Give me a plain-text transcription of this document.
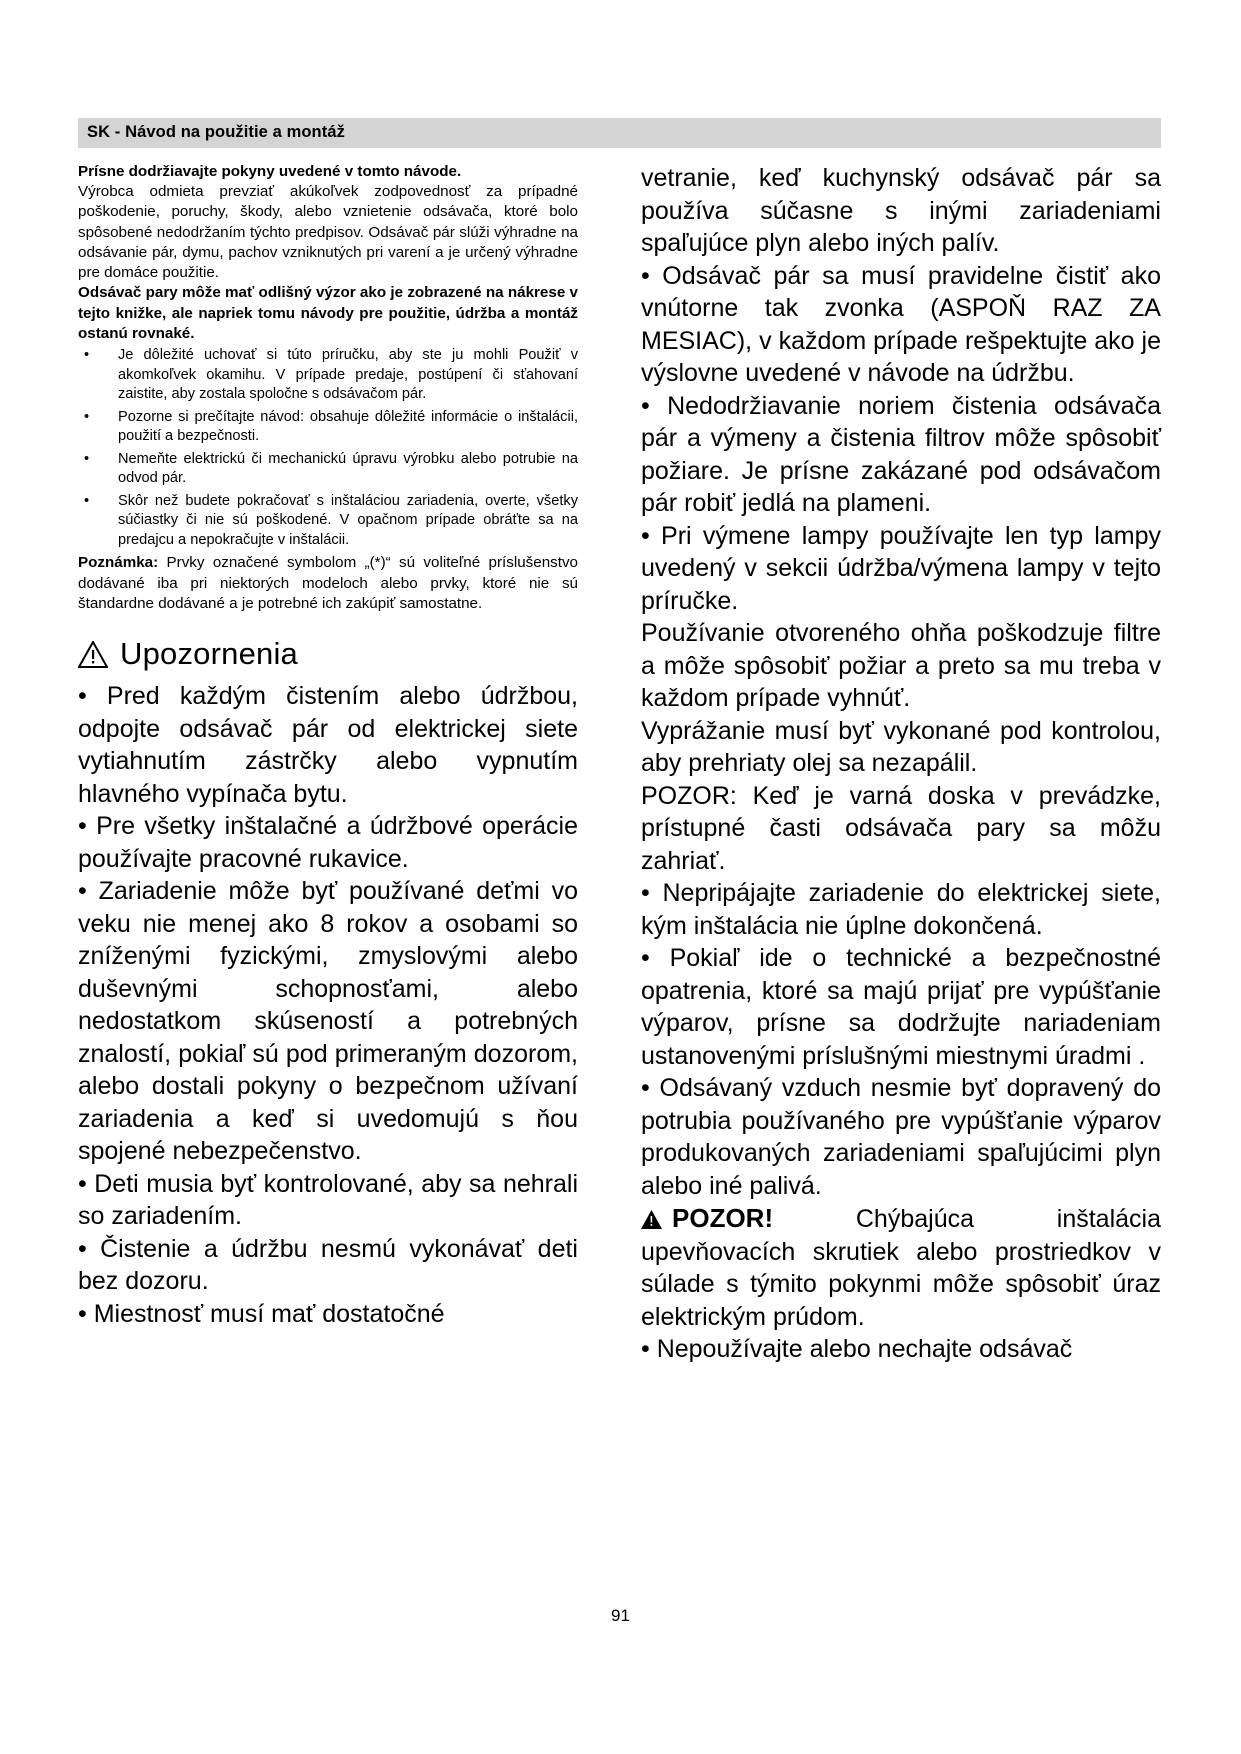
SK - Návod na použitie a montáž

Prísne dodržiavajte pokyny uvedené v tomto návode.

Výrobca odmieta prevziať akúkoľvek zodpovednosť za prípadné poškodenie, poruchy, škody, alebo vznietenie odsávača, ktoré bolo spôsobené nedodržaním týchto predpisov. Odsávač pár slúži výhradne na odsávanie pár, dymu, pachov vzniknutých pri varení a je určený výhradne pre domáce použitie.

Odsávač pary môže mať odlišný výzor ako je zobrazené na nákrese v tejto knižke, ale napriek tomu návody pre použitie, údržba a montáž ostanú rovnaké.

• Je dôležité uchovať si túto príručku, aby ste ju mohli Použiť v akomkoľvek okamihu. V prípade predaje, postúpení či sťahovaní zaistite, aby zostala spoločne s odsávačom pár.
• Pozorne si prečítajte návod: obsahuje dôležité informácie o inštalácii, použití a bezpečnosti.
• Nemeňte elektrickú či mechanickú úpravu výrobku alebo potrubie na odvod pár.
• Skôr než budete pokračovať s inštaláciou zariadenia, overte, všetky súčiastky či nie sú poškodené. V opačnom prípade obráťte sa na predajcu a nepokračujte v inštalácii.

Poznámka: Prvky označené symbolom „(*)“ sú voliteľné príslušenstvo dodávané iba pri niektorých modeloch alebo prvky, ktoré nie sú štandardne dodávané a je potrebné ich zakúpiť samostatne.

Upozornenia

• Pred každým čistením alebo údržbou, odpojte odsávač pár od elektrickej siete vytiahnutím zástrčky alebo vypnutím hlavného vypínača bytu.

• Pre všetky inštalačné a údržbové operácie používajte pracovné rukavice.

• Zariadenie môže byť používané deťmi vo veku nie menej ako 8 rokov a osobami so zníženými fyzickými, zmyslovými alebo duševnými schopnosťami, alebo nedostatkom skúseností a potrebných znalostí, pokiaľ sú pod primeraným dozorom, alebo dostali pokyny o bezpečnom užívaní zariadenia a keď si uvedomujú s ňou spojené nebezpečenstvo.

• Deti musia byť kontrolované, aby sa nehrali so zariadením.

• Čistenie a údržbu nesmú vykonávať deti bez dozoru.

• Miestnosť musí mať dostatočné

vetranie, keď kuchynský odsávač pár sa používa súčasne s inými zariadeniami spaľujúce plyn alebo iných palív.

• Odsávač pár sa musí pravidelne čistiť ako vnútorne tak zvonka (ASPOŇ RAZ ZA MESIAC), v každom prípade rešpektujte ako je výslovne uvedené v návode na údržbu.

• Nedodržiavanie noriem čistenia odsávača pár a výmeny a čistenia filtrov môže spôsobiť požiare. Je prísne zakázané pod odsávačom pár robiť jedlá na plameni.

• Pri výmene lampy používajte len typ lampy uvedený v sekcii údržba/výmena lampy v tejto príručke.

Používanie otvoreného ohňa poškodzuje filtre a môže spôsobiť požiar a preto sa mu treba v každom prípade vyhnúť.

Vyprážanie musí byť vykonané pod kontrolou, aby prehriaty olej sa nezapálil.

POZOR: Keď je varná doska v prevádzke, prístupné časti odsávača pary sa môžu zahriať.

• Nepripájajte zariadenie do elektrickej siete, kým inštalácia nie úplne dokončená.

• Pokiaľ ide o technické a bezpečnostné opatrenia, ktoré sa majú prijať pre vypúšťanie výparov, prísne sa dodržujte nariadeniam ustanovenými príslušnými miestnymi úradmi .

• Odsávaný vzduch nesmie byť dopravený do potrubia používaného pre vypúšťanie výparov produkovaných zariadeniami spaľujúcimi plyn alebo iné palivá.

POZOR! Chýbajúca inštalácia upevňovacích skrutiek alebo prostriedkov v súlade s týmito pokynmi môže spôsobiť úraz elektrickým prúdom.

• Nepoužívajte alebo nechajte odsávač

91
